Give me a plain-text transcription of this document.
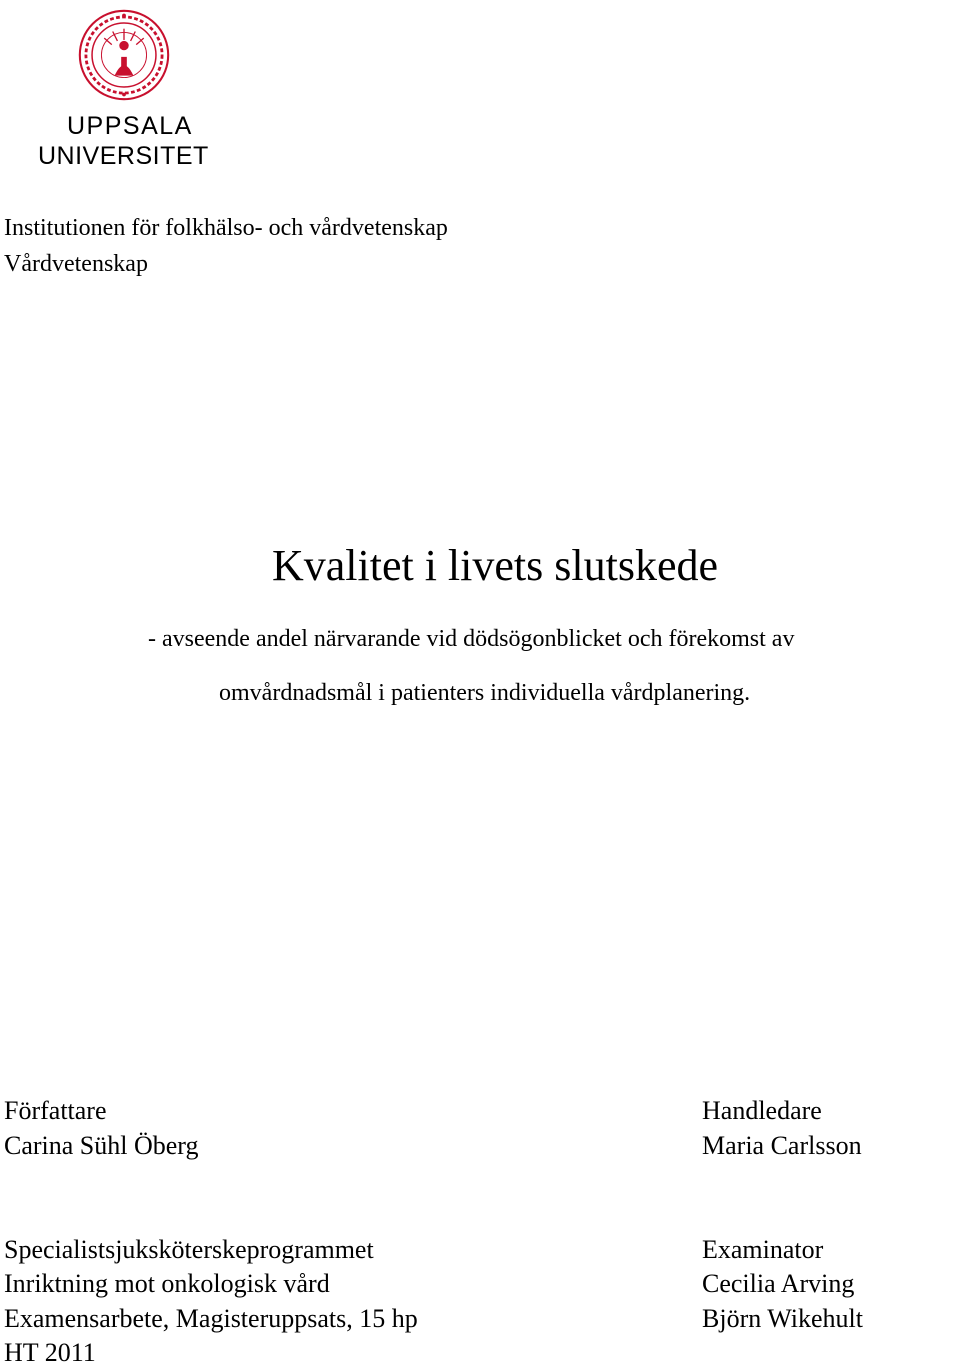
UPPSALA
UNIVERSITET
Institutionen för folkhälso- och vårdvetenskap
Vårdvetenskap
Kvalitet i livets slutskede
- avseende andel närvarande vid dödsögonblicket och förekomst av
omvårdnadsmål i patienters individuella vårdplanering.
Författare
Carina Sühl Öberg
Handledare
Maria Carlsson
Specialistsjuksköterskeprogrammet
Inriktning mot onkologisk vård
Examensarbete, Magisteruppsats, 15 hp
HT 2011
Examinator
Cecilia Arving
Björn Wikehult
